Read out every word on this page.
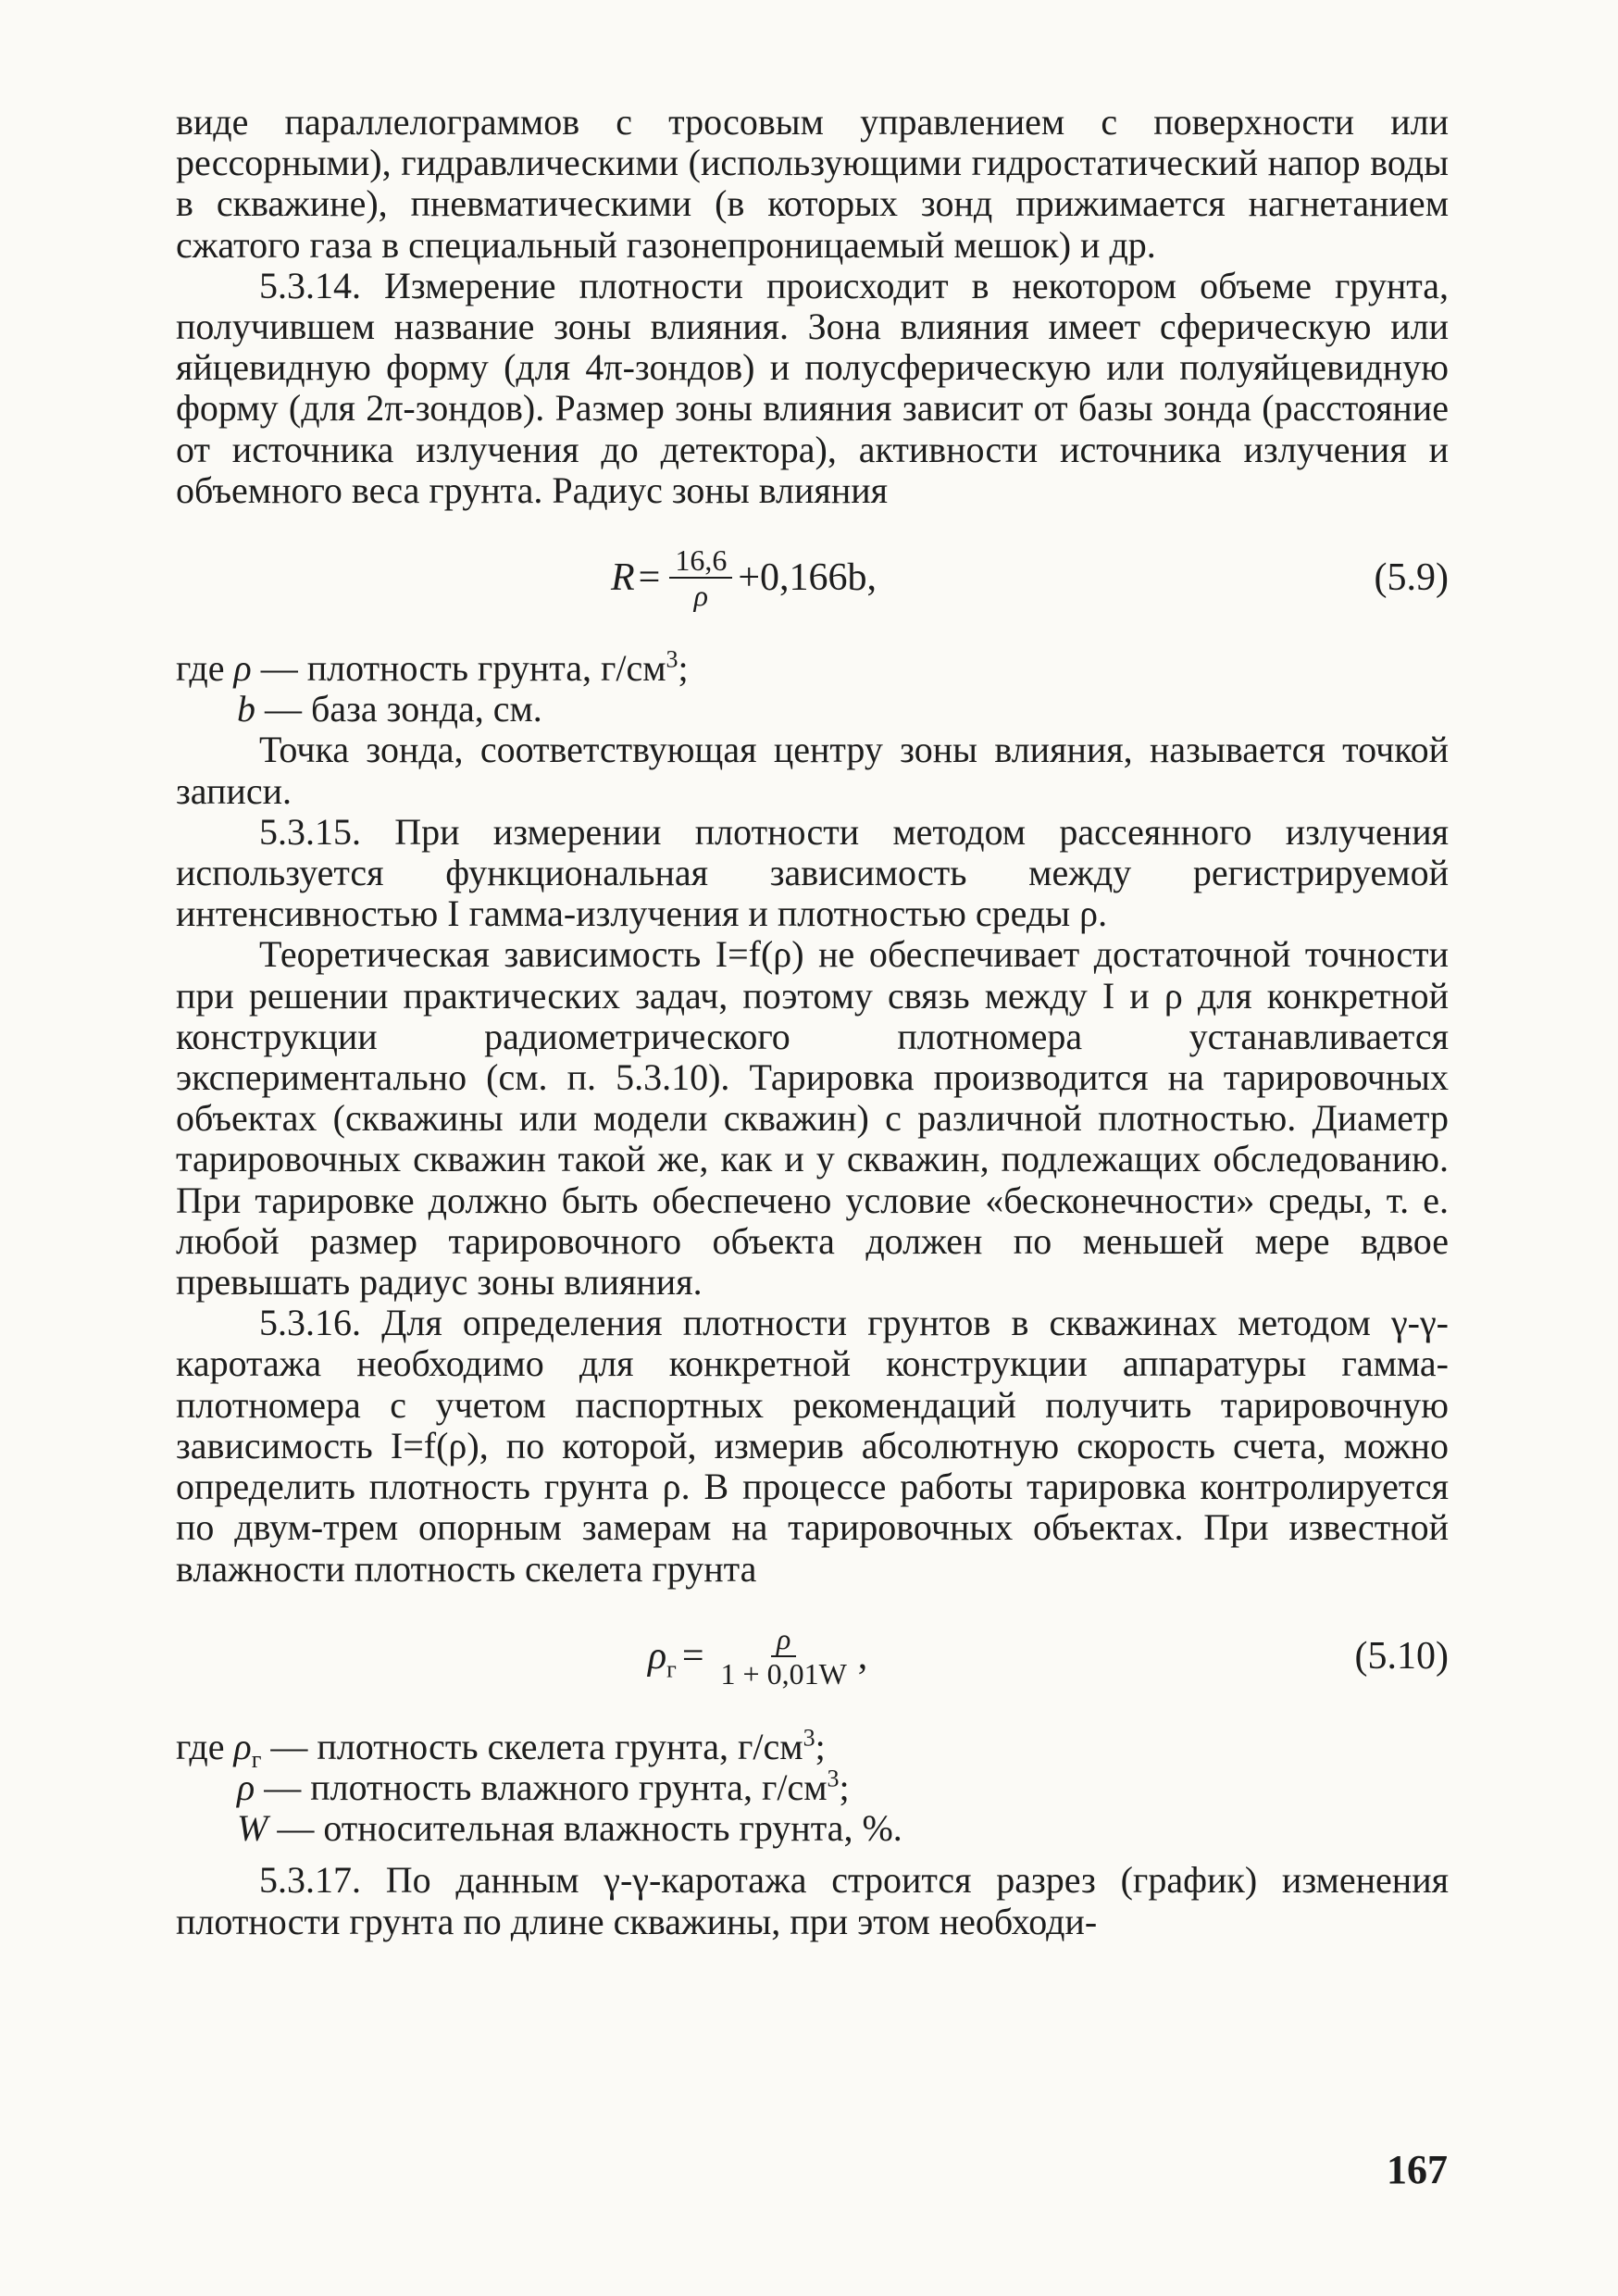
виде параллелограммов с тросовым управлением с поверхности или рессорными), гидравлическими (использующими гидростатический напор воды в скважине), пневматическими (в которых зонд прижимается нагнетанием сжатого газа в специальный газонепроницаемый мешок) и др.

5.3.14. Измерение плотности происходит в некотором объеме грунта, получившем название зоны влияния. Зона влияния имеет сферическую или яйцевидную форму (для 4π-зондов) и полусферическую или полуяйцевидную форму (для 2π-зондов). Размер зоны влияния зависит от базы зонда (расстояние от источника излучения до детектора), активности источника излучения и объемного веса грунта. Радиус зоны влияния

$R = \frac{16,6}{\rho} +0,166b$,	(5.9)
где ρ — плотность грунта, $г/см^3$;
b — база зонда, см.

Точка зонда, соответствующая центру зоны влияния, называется точкой записи.

5.3.15. При измерении плотности методом рассеянного излучения используется функциональная зависимость между регистрируемой интенсивностью I гамма-излучения и плотностью среды ρ.

Теоретическая зависимость I=f(ρ) не обеспечивает достаточной точности при решении практических задач, поэтому связь между I и ρ для конкретной конструкции радиометрического плотномера устанавливается экспериментально (см. п. 5.3.10). Тарировка производится на тарировочных объектах (скважины или модели скважин) с различной плотностью. Диаметр тарировочных скважин такой же, как и у скважин, подлежащих обследованию. При тарировке должно быть обеспечено условие «бесконечности» среды, т. е. любой размер тарировочного объекта должен по меньшей мере вдвое превышать радиус зоны влияния.

5.3.16. Для определения плотности грунтов в скважинах методом γ-γ-каротажа необходимо для конкретной конструкции аппаратуры гамма-плотномера с учетом паспортных рекомендаций получить тарировочную зависимость I=f(ρ), по которой, измерив абсолютную скорость счета, можно определить плотность грунта ρ. В процессе работы тарировка контролируется по двум-трем опорным замерам на тарировочных объектах. При известной влажности плотность скелета грунта

$\rho_г = \frac{\rho}{1 + 0,01W}$ ,	(5.10)
где $\rho_г$ — плотность скелета грунта, $г/см^3$;
ρ — плотность влажного грунта, $г/см^3$;
W — относительная влажность грунта, %.

5.3.17. По данным γ-γ-каротажа строится разрез (график) изменения плотности грунта по длине скважины, при этом необходи-

167
